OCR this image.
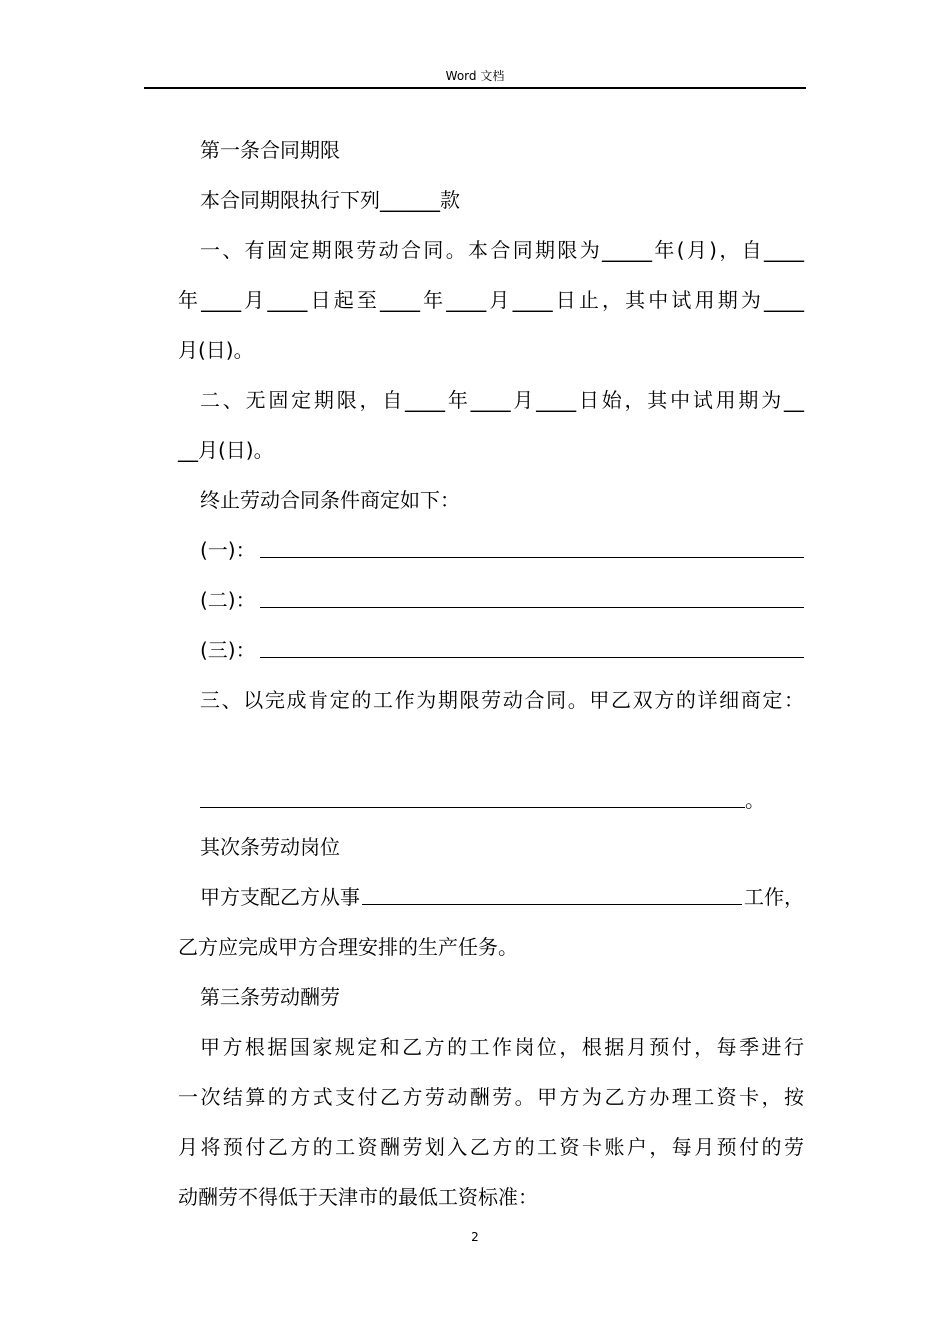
Word 文档
第一条合同期限
本合同期限执行下列______款
一、有固定期限劳动合同。本合同期限为_____年(月)，自____
年____月____日起至____年____月____日止，其中试用期为____
月(日)。
二、无固定期限，自____年____月____日始，其中试用期为__
__月(日)。
终止劳动合同条件商定如下：
(一)：
(二)：
(三)：
三、以完成肯定的工作为期限劳动合同。甲乙双方的详细商定：
。
其次条劳动岗位
甲方支配乙方从事	工作，
乙方应完成甲方合理安排的生产任务。
第三条劳动酬劳
甲方根据国家规定和乙方的工作岗位，根据月预付，每季进行
一次结算的方式支付乙方劳动酬劳。甲方为乙方办理工资卡，按
月将预付乙方的工资酬劳划入乙方的工资卡账户，每月预付的劳
动酬劳不得低于天津市的最低工资标准：
2
